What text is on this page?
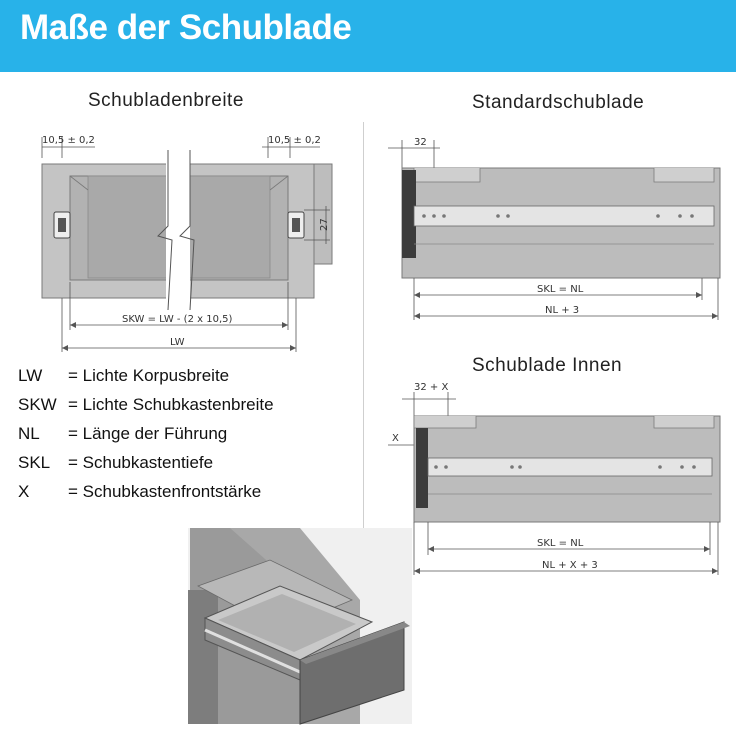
Maße der Schublade
Schubladenbreite	Standardschublade
Schublade Innen
10,5 ± 0,2	10,5 ± 0,2
27
SKW = LW - (2 x 10,5)
LW
LW = Lichte Korpusbreite
SKW = Lichte Schubkastenbreite
NL = Länge der Führung
SKL = Schubkastentiefe
X = Schubkastenfrontstärke
32
SKL = NL
NL + 3
32 + X
X
SKL = NL
NL + X + 3
